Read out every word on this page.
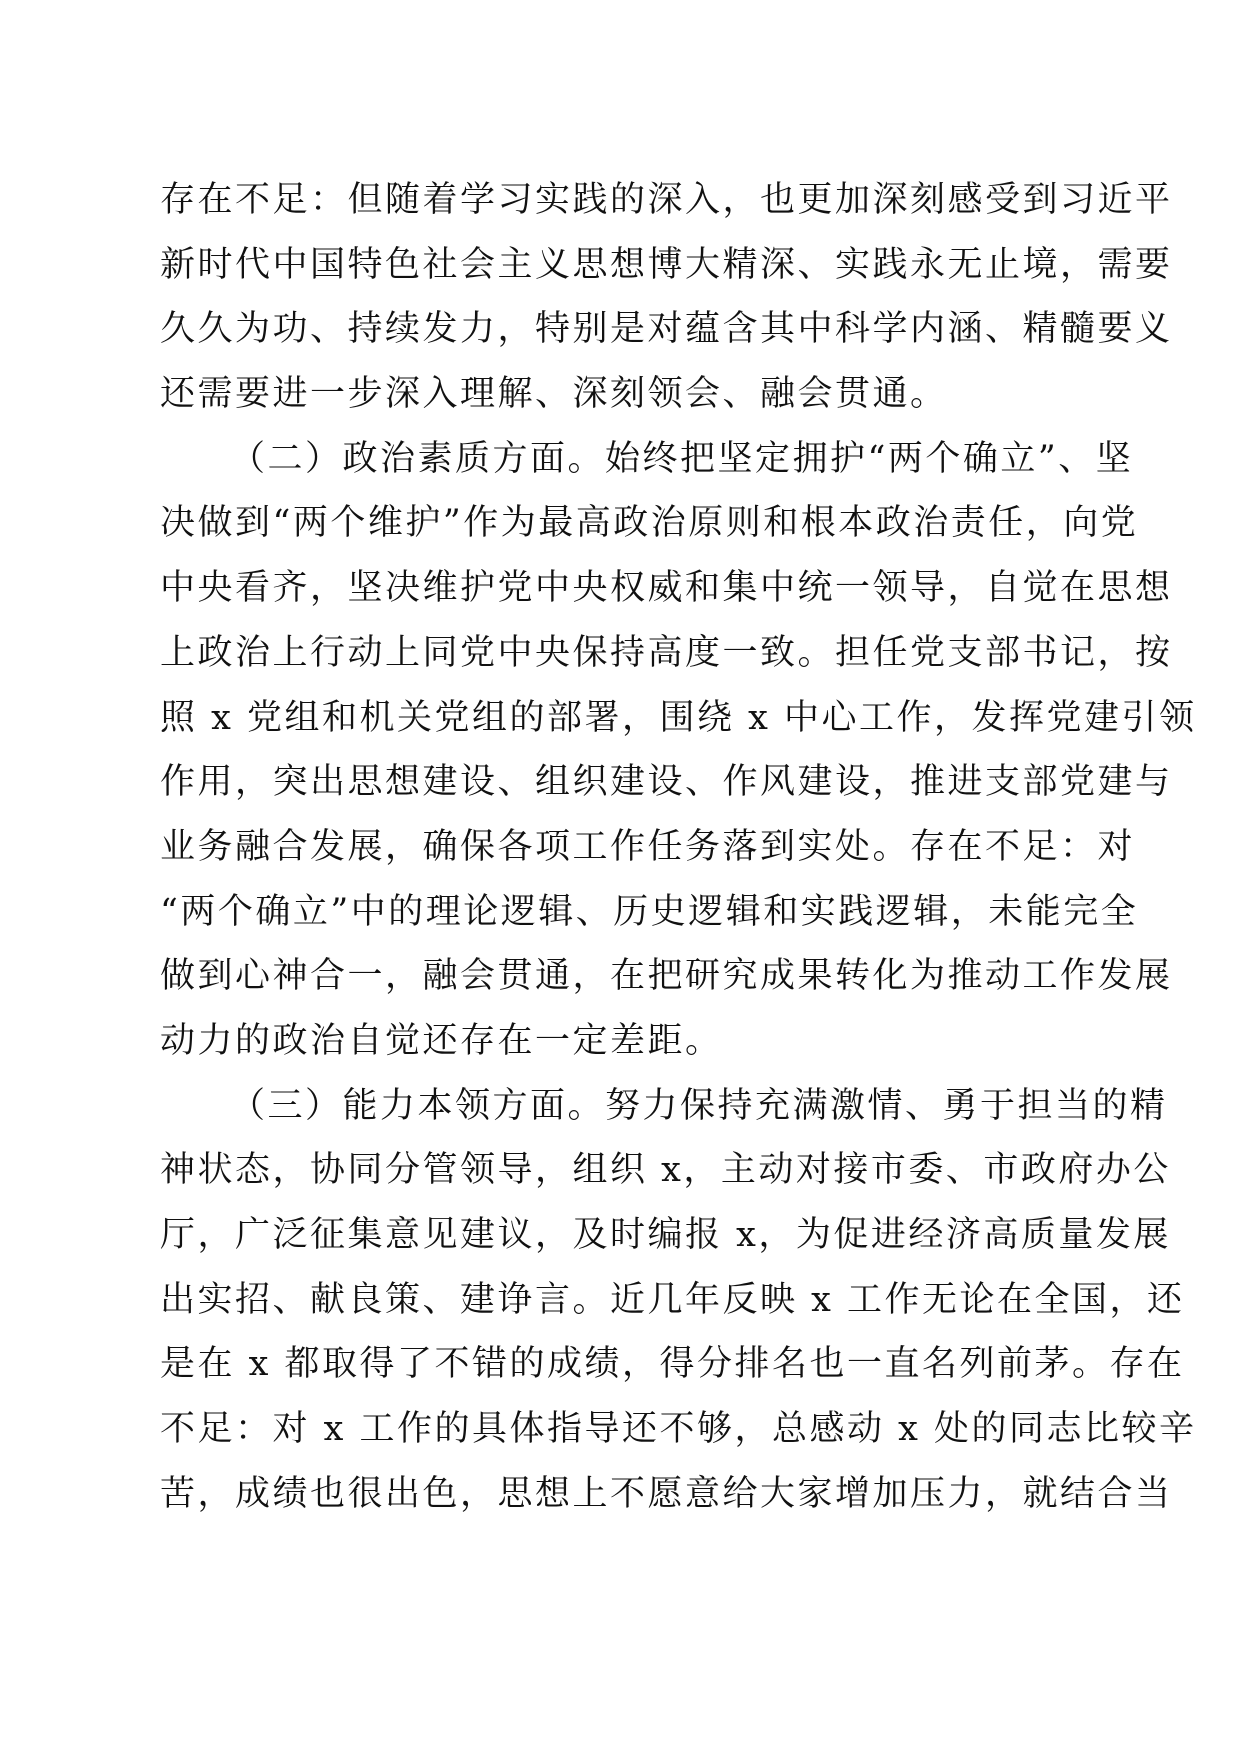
存在不足：但随着学习实践的深入，也更加深刻感受到习近平
新时代中国特色社会主义思想博大精深、实践永无止境，需要
久久为功、持续发力，特别是对蕴含其中科学内涵、精髓要义
还需要进一步深入理解、深刻领会、融会贯通。
（二）政治素质方面。始终把坚定拥护“两个确立”、坚
决做到“两个维护”作为最高政治原则和根本政治责任，向党
中央看齐，坚决维护党中央权威和集中统一领导，自觉在思想
上政治上行动上同党中央保持高度一致。担任党支部书记，按
照 x 党组和机关党组的部署，围绕 x 中心工作，发挥党建引领
作用，突出思想建设、组织建设、作风建设，推进支部党建与
业务融合发展，确保各项工作任务落到实处。存在不足：对
“两个确立”中的理论逻辑、历史逻辑和实践逻辑，未能完全
做到心神合一，融会贯通，在把研究成果转化为推动工作发展
动力的政治自觉还存在一定差距。
（三）能力本领方面。努力保持充满激情、勇于担当的精
神状态，协同分管领导，组织 x，主动对接市委、市政府办公
厅，广泛征集意见建议，及时编报 x，为促进经济高质量发展
出实招、献良策、建诤言。近几年反映 x 工作无论在全国，还
是在 x 都取得了不错的成绩，得分排名也一直名列前茅。存在
不足：对 x 工作的具体指导还不够，总感动 x 处的同志比较辛
苦，成绩也很出色，思想上不愿意给大家增加压力，就结合当
